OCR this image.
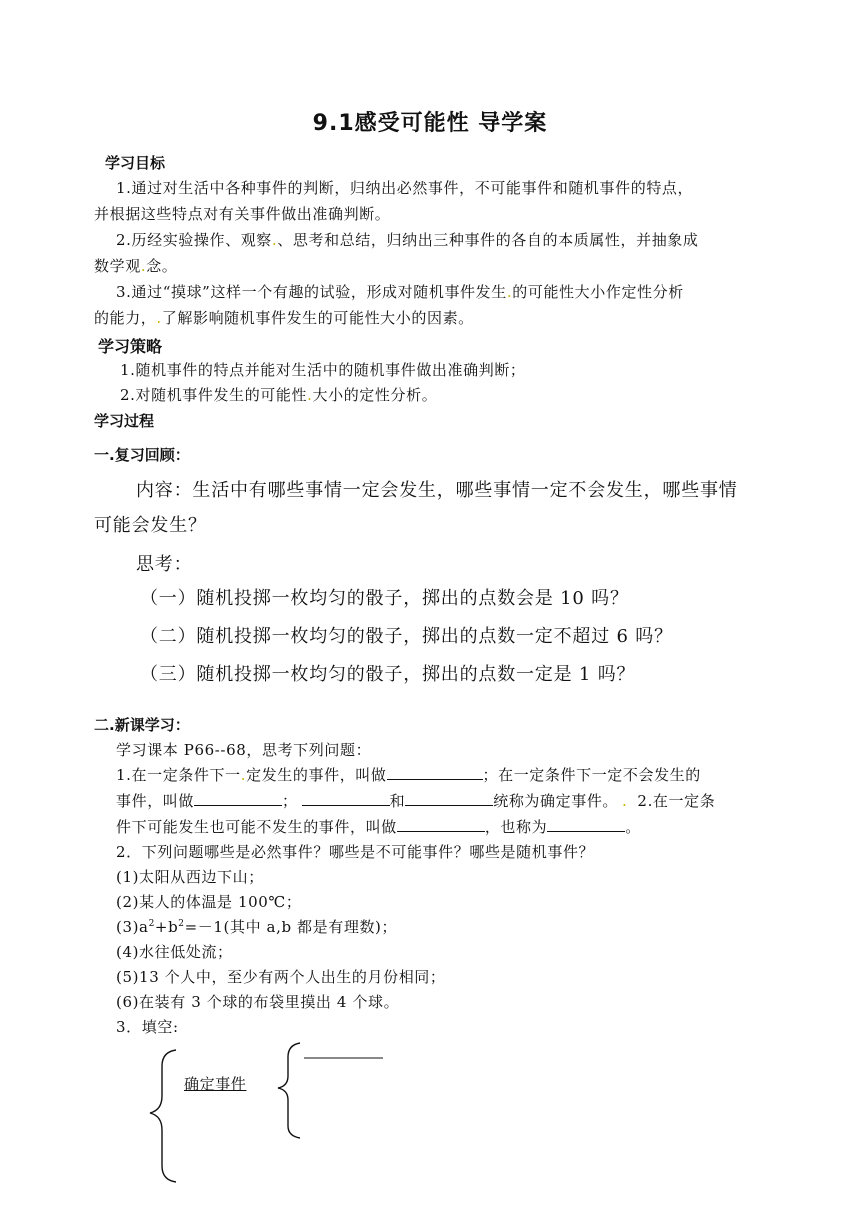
9.1感受可能性 导学案
学习目标
1.通过对生活中各种事件的判断，归纳出必然事件，不可能事件和随机事件的特点，
并根据这些特点对有关事件做出准确判断。
2.历经实验操作、观察.、思考和总结，归纳出三种事件的各自的本质属性，并抽象成
数学观.念。
3.通过“摸球”这样一个有趣的试验，形成对随机事件发生.的可能性大小作定性分析
的能力，.了解影响随机事件发生的可能性大小的因素。
学习策略
1.随机事件的特点并能对生活中的随机事件做出准确判断；
2.对随机事件发生的可能性.大小的定性分析。
学习过程
一.复习回顾：
内容：生活中有哪些事情一定会发生，哪些事情一定不会发生，哪些事情
可能会发生？
思考：
（一）随机投掷一枚均匀的骰子，掷出的点数会是 10 吗？
（二）随机投掷一枚均匀的骰子，掷出的点数一定不超过 6 吗？
（三）随机投掷一枚均匀的骰子，掷出的点数一定是 1 吗？
二.新课学习：
学习课本 P66--68，思考下列问题：
1.在一定条件下一.定发生的事件，叫做	；在一定条件下一定不会发生的
事件，叫做	；	和	统称为确定事件。 . 2.在一定条
件下可能发生也可能不发生的事件，叫做	，也称为	。
2．下列问题哪些是必然事件？哪些是不可能事件？哪些是随机事件？
(1)太阳从西边下山；
(2)某人的体温是 100℃；
$(3)a^2+b^2=-1$(其中 a,b 都是有理数)；
(4)水往低处流；
(5)13 个人中，至少有两个人出生的月份相同；
(6)在装有 3 个球的布袋里摸出 4 个球。
3．填空:
确定事件
